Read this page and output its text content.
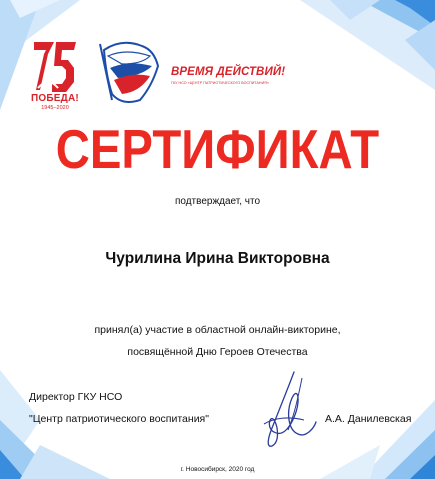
ПОБЕДА!
1945–2020
ВРЕМЯ ДЕЙСТВИЙ!
ГКУ НСО «ЦЕНТР ПАТРИОТИЧЕСКОГО ВОСПИТАНИЯ»
СЕРТИФИКАТ
подтверждает, что
Чурилина Ирина Викторовна
принял(а) участие в областной онлайн-викторине,
посвящённой Дню Героев Отечества
Директор ГКУ НСО
"Центр патриотического воспитания"	А.А. Данилевская
г. Новосибирск, 2020 год
